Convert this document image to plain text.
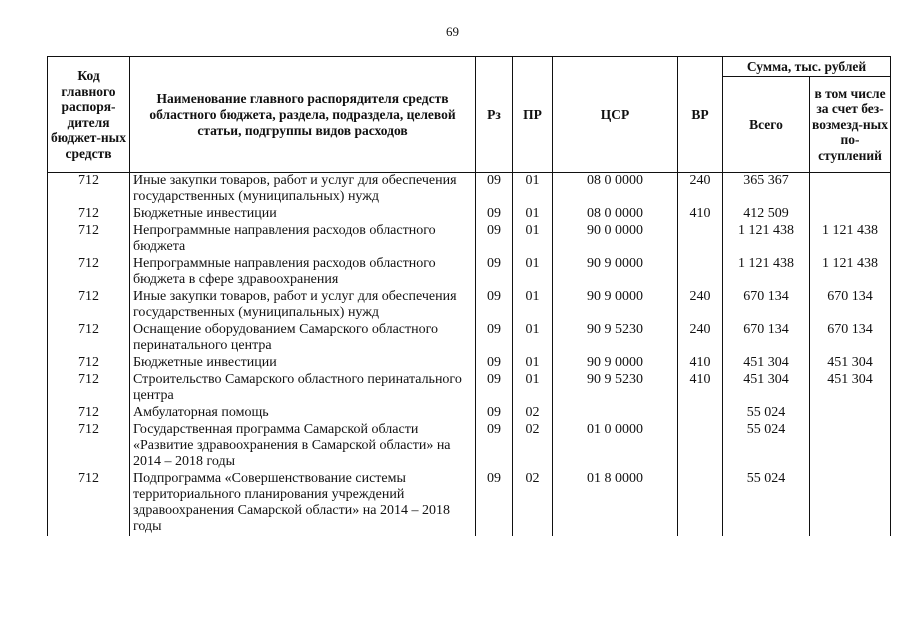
69
Код главного распоря-дителя бюджет-ных средств	Наименование главного распорядителя средств областного бюджета, раздела, подраздела, целевой статьи, подгруппы видов расходов	Рз	ПР	ЦСР	ВР	Сумма, тыс. рублей	
						Всего	в том числе за счет без-возмезд-ных по-ступлений
712	Иные закупки товаров, работ и услуг для обеспечения государственных (муниципальных) нужд	09	01	08 0 0000	240	365 367	
712	Бюджетные инвестиции	09	01	08 0 0000	410	412 509	
712	Непрограммные направления расходов областного бюджета	09	01	90 0 0000		1 121 438	1 121 438
712	Непрограммные направления расходов областного бюджета в сфере здравоохранения	09	01	90 9 0000		1 121 438	1 121 438
712	Иные закупки товаров, работ и услуг для обеспечения государственных (муниципальных) нужд	09	01	90 9 0000	240	670 134	670 134
712	Оснащение оборудованием Самарского областного перинатального центра	09	01	90 9 5230	240	670 134	670 134
712	Бюджетные инвестиции	09	01	90 9 0000	410	451 304	451 304
712	Строительство Самарского областного перинатального центра	09	01	90 9 5230	410	451 304	451 304
712	Амбулаторная помощь	09	02			55 024	
712	Государственная программа Самарской области «Развитие здравоохранения в Самарской области» на 2014 – 2018 годы	09	02	01 0 0000		55 024	
712	Подпрограмма «Совершенствование системы территориального планирования учреждений здравоохранения Самарской области» на 2014 – 2018 годы	09	02	01 8 0000		55 024	
